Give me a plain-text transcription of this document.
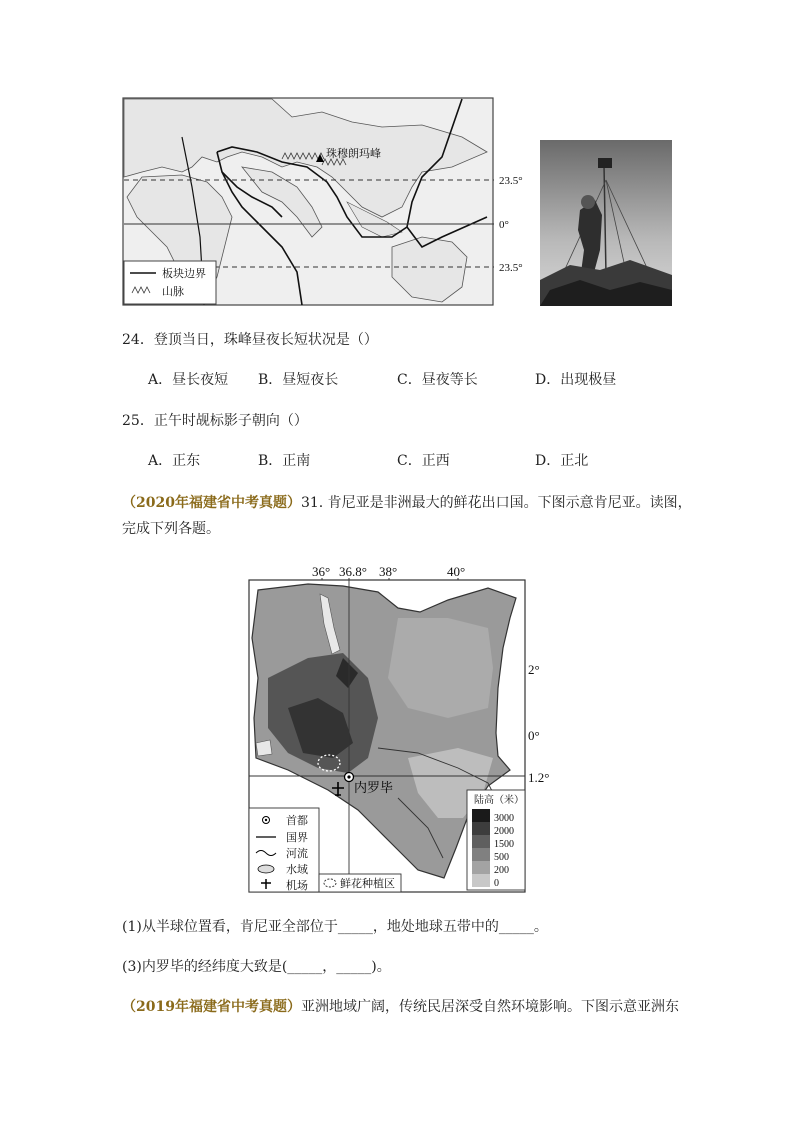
珠穆朗玛峰
23.5°
0°
23.5°
板块边界
山脉
24．登顶当日，珠峰昼夜长短状况是（）
A．昼长夜短 B．昼短夜长	C．昼夜等长	D．出现极昼
25．正午时觇标影子朝向（）
A．正东	B．正南	C．正西	D．正北
（2020年福建省中考真题）31. 肯尼亚是非洲最大的鲜花出口国。下图示意肯尼亚。读图，
完成下列各题。
36° 36.8° 38°	40°
2°
0°
1.2°
内罗毕
首都
国界
河流
水域
机场	鲜花种植区
陆高（米）
3000
2000
1500
500
200
0
(1)从半球位置看，肯尼亚全部位于_____，地处地球五带中的_____。
(3)内罗毕的经纬度大致是(_____，_____)。
（2019年福建省中考真题）亚洲地域广阔，传统民居深受自然环境影响。下图示意亚洲东
